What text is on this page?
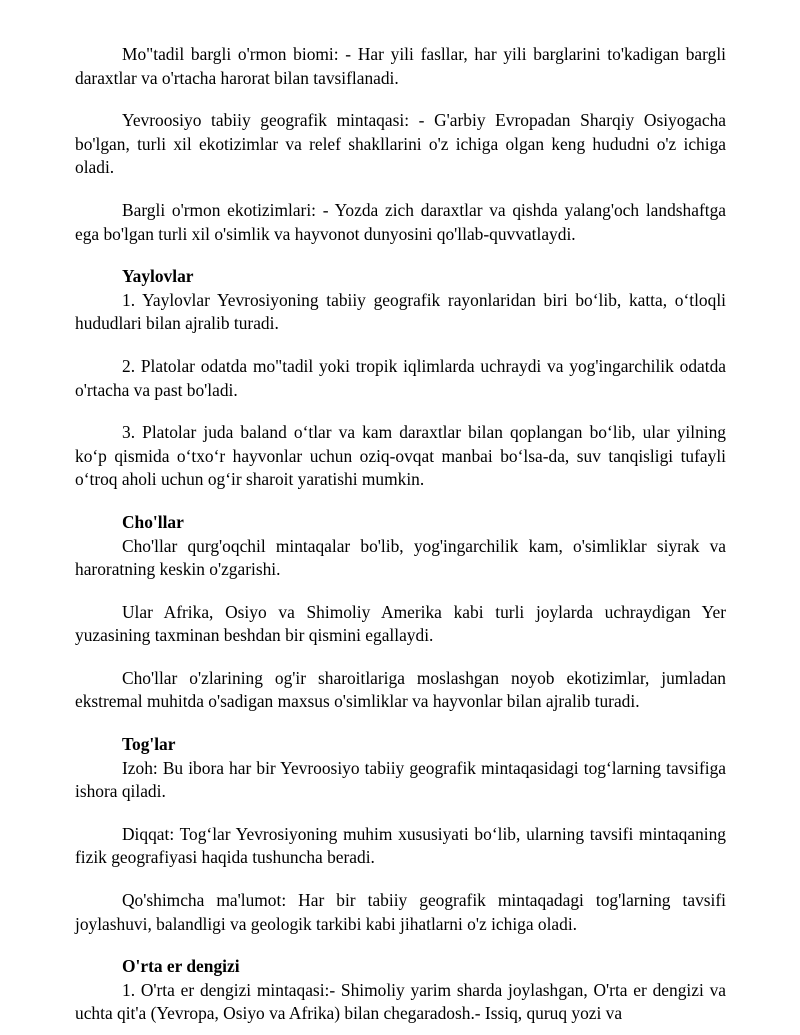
Mo"tadil bargli o'rmon biomi: - Har yili fasllar, har yili barglarini to'kadigan bargli daraxtlar va o'rtacha harorat bilan tavsiflanadi.

Yevroosiyo tabiiy geografik mintaqasi: - G'arbiy Evropadan Sharqiy Osiyogacha bo'lgan, turli xil ekotizimlar va relef shakllarini o'z ichiga olgan keng hududni o'z ichiga oladi.

Bargli o'rmon ekotizimlari: - Yozda zich daraxtlar va qishda yalang'och landshaftga ega bo'lgan turli xil o'simlik va hayvonot dunyosini qo'llab-quvvatlaydi.

Yaylovlar

1. Yaylovlar Yevrosiyoning tabiiy geografik rayonlaridan biri bo‘lib, katta, o‘tloqli hududlari bilan ajralib turadi.

2. Platolar odatda mo"tadil yoki tropik iqlimlarda uchraydi va yog'ingarchilik odatda o'rtacha va past bo'ladi.

3. Platolar juda baland o‘tlar va kam daraxtlar bilan qoplangan bo‘lib, ular yilning ko‘p qismida o‘txo‘r hayvonlar uchun oziq-ovqat manbai bo‘lsa-da, suv tanqisligi tufayli o‘troq aholi uchun og‘ir sharoit yaratishi mumkin.

Cho'llar

Cho'llar qurg'oqchil mintaqalar bo'lib, yog'ingarchilik kam, o'simliklar siyrak va haroratning keskin o'zgarishi.

Ular Afrika, Osiyo va Shimoliy Amerika kabi turli joylarda uchraydigan Yer yuzasining taxminan beshdan bir qismini egallaydi.

Cho'llar o'zlarining og'ir sharoitlariga moslashgan noyob ekotizimlar, jumladan ekstremal muhitda o'sadigan maxsus o'simliklar va hayvonlar bilan ajralib turadi.

Tog'lar

Izoh: Bu ibora har bir Yevroosiyo tabiiy geografik mintaqasidagi tog‘larning tavsifiga ishora qiladi.

Diqqat: Tog‘lar Yevrosiyoning muhim xususiyati bo‘lib, ularning tavsifi mintaqaning fizik geografiyasi haqida tushuncha beradi.

Qo'shimcha ma'lumot: Har bir tabiiy geografik mintaqadagi tog'larning tavsifi joylashuvi, balandligi va geologik tarkibi kabi jihatlarni o'z ichiga oladi.

O'rta er dengizi

1. O'rta er dengizi mintaqasi:- Shimoliy yarim sharda joylashgan, O'rta er dengizi va uchta qit'a (Yevropa, Osiyo va Afrika) bilan chegaradosh.- Issiq, quruq yozi va
